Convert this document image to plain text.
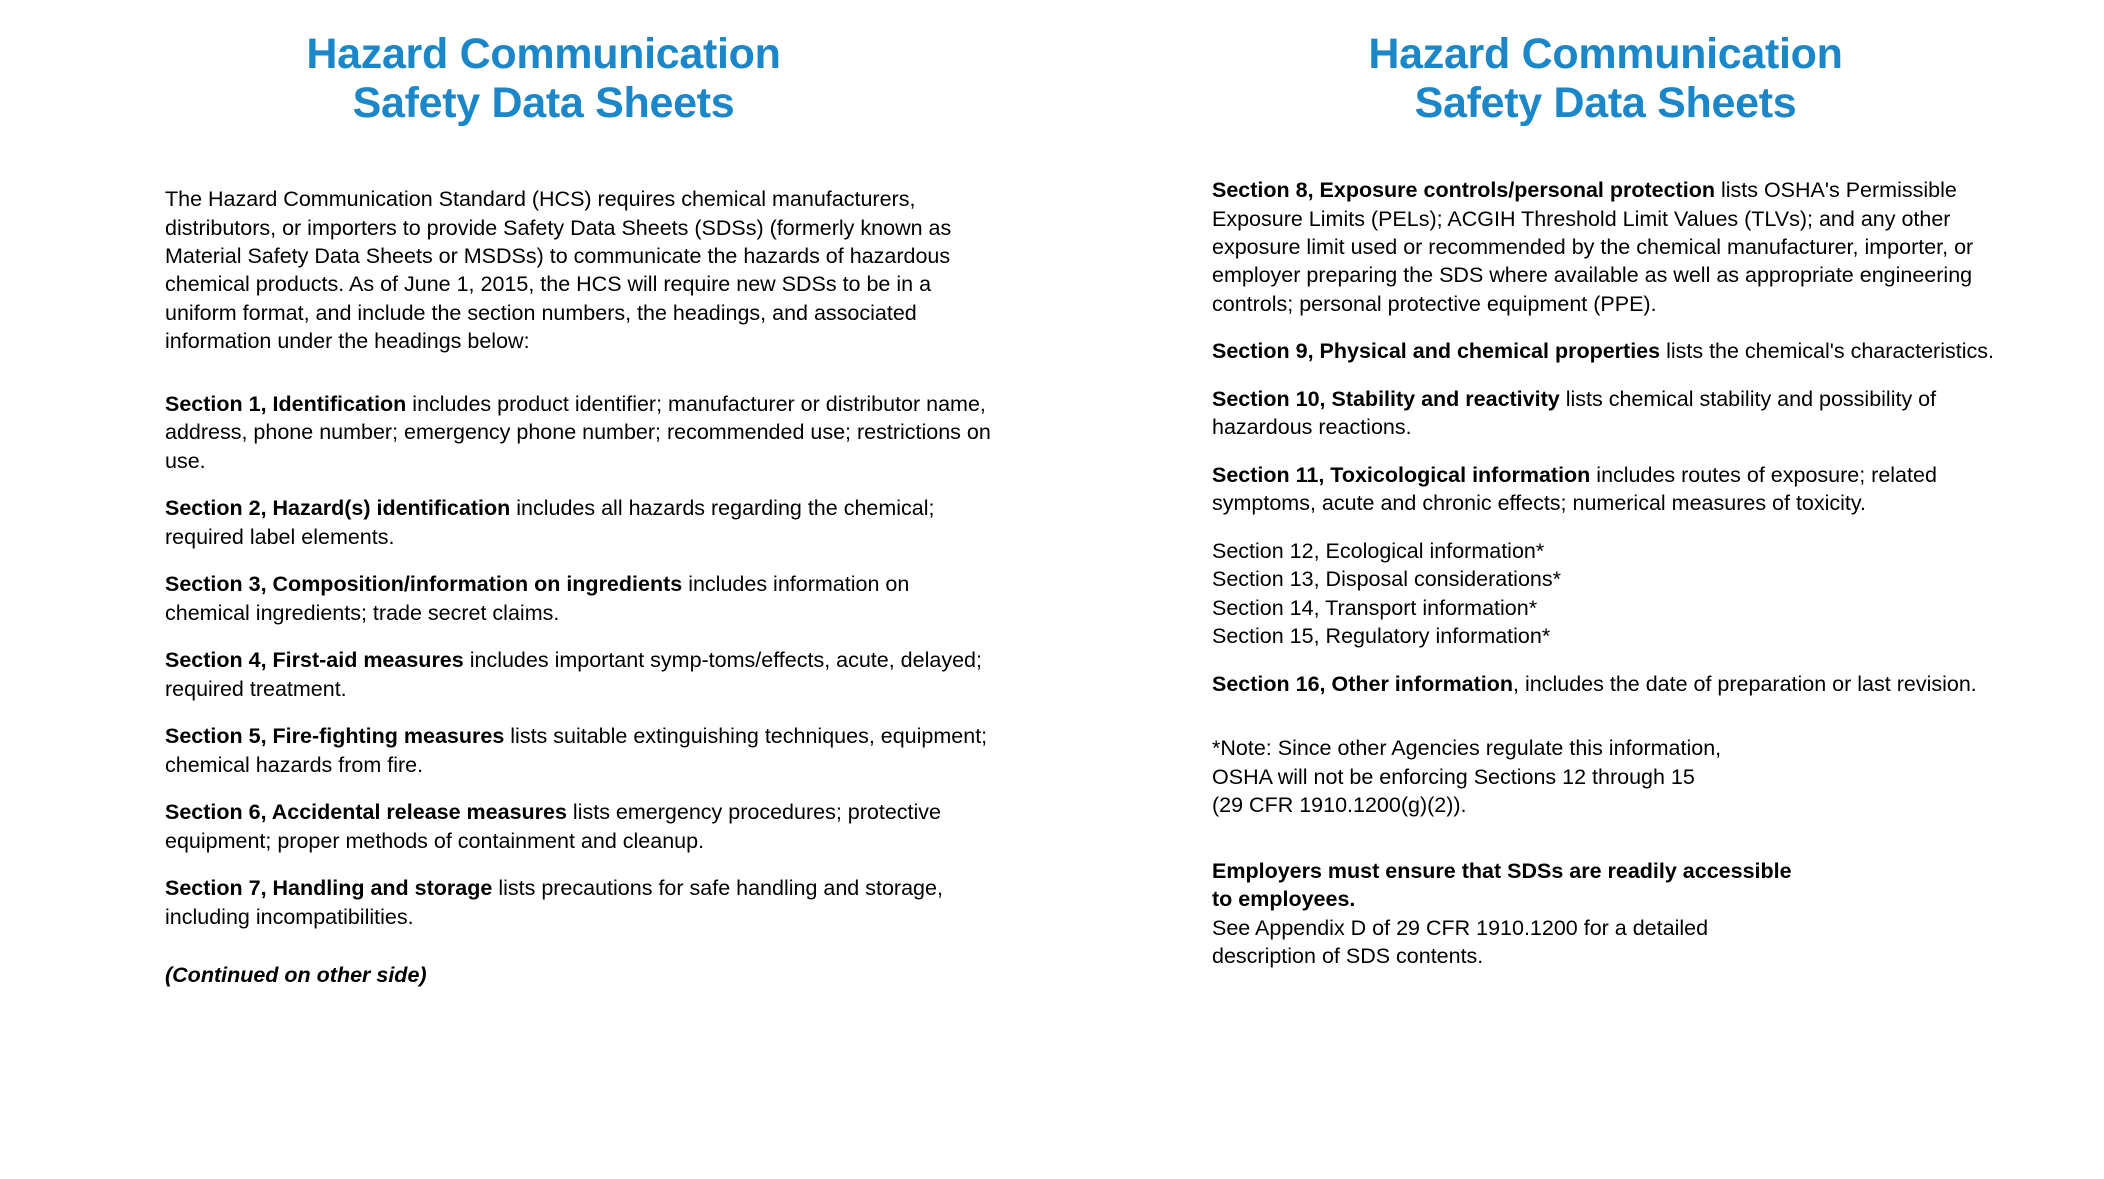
Hazard Communication
Safety Data Sheets

The Hazard Communication Standard (HCS) requires chemical manufacturers, distributors, or importers to provide Safety Data Sheets (SDSs) (formerly known as Material Safety Data Sheets or MSDSs) to communicate the hazards of hazardous chemical products. As of June 1, 2015, the HCS will require new SDSs to be in a uniform format, and include the section numbers, the headings, and associated information under the headings below:

Section 1, Identification includes product identifier; manufacturer or distributor name, address, phone number; emergency phone number; recommended use; restrictions on use.

Section 2, Hazard(s) identification includes all hazards regarding the chemical; required label elements.

Section 3, Composition/information on ingredients includes information on chemical ingredients; trade secret claims.

Section 4, First-aid measures includes important symp-toms/effects, acute, delayed; required treatment.

Section 5, Fire-fighting measures lists suitable extinguishing techniques, equipment; chemical hazards from fire.

Section 6, Accidental release measures lists emergency procedures; protective equipment; proper methods of containment and cleanup.

Section 7, Handling and storage lists precautions for safe handling and storage, including incompatibilities.

(Continued on other side)
Hazard Communication
Safety Data Sheets

Section 8, Exposure controls/personal protection lists OSHA's Permissible Exposure Limits (PELs); ACGIH Threshold Limit Values (TLVs); and any other exposure limit used or recommended by the chemical manufacturer, importer, or employer preparing the SDS where available as well as appropriate engineering controls; personal protective equipment (PPE).

Section 9, Physical and chemical properties lists the chemical's characteristics.

Section 10, Stability and reactivity lists chemical stability and possibility of hazardous reactions.

Section 11, Toxicological information includes routes of exposure; related symptoms, acute and chronic effects; numerical measures of toxicity.

Section 12, Ecological information*

Section 13, Disposal considerations*

Section 14, Transport information*

Section 15, Regulatory information*

Section 16, Other information, includes the date of preparation or last revision.

*Note: Since other Agencies regulate this information,

OSHA will not be enforcing Sections 12 through 15

(29 CFR 1910.1200(g)(2)).

Employers must ensure that SDSs are readily accessible

to employees.

See Appendix D of 29 CFR 1910.1200 for a detailed

description of SDS contents.
